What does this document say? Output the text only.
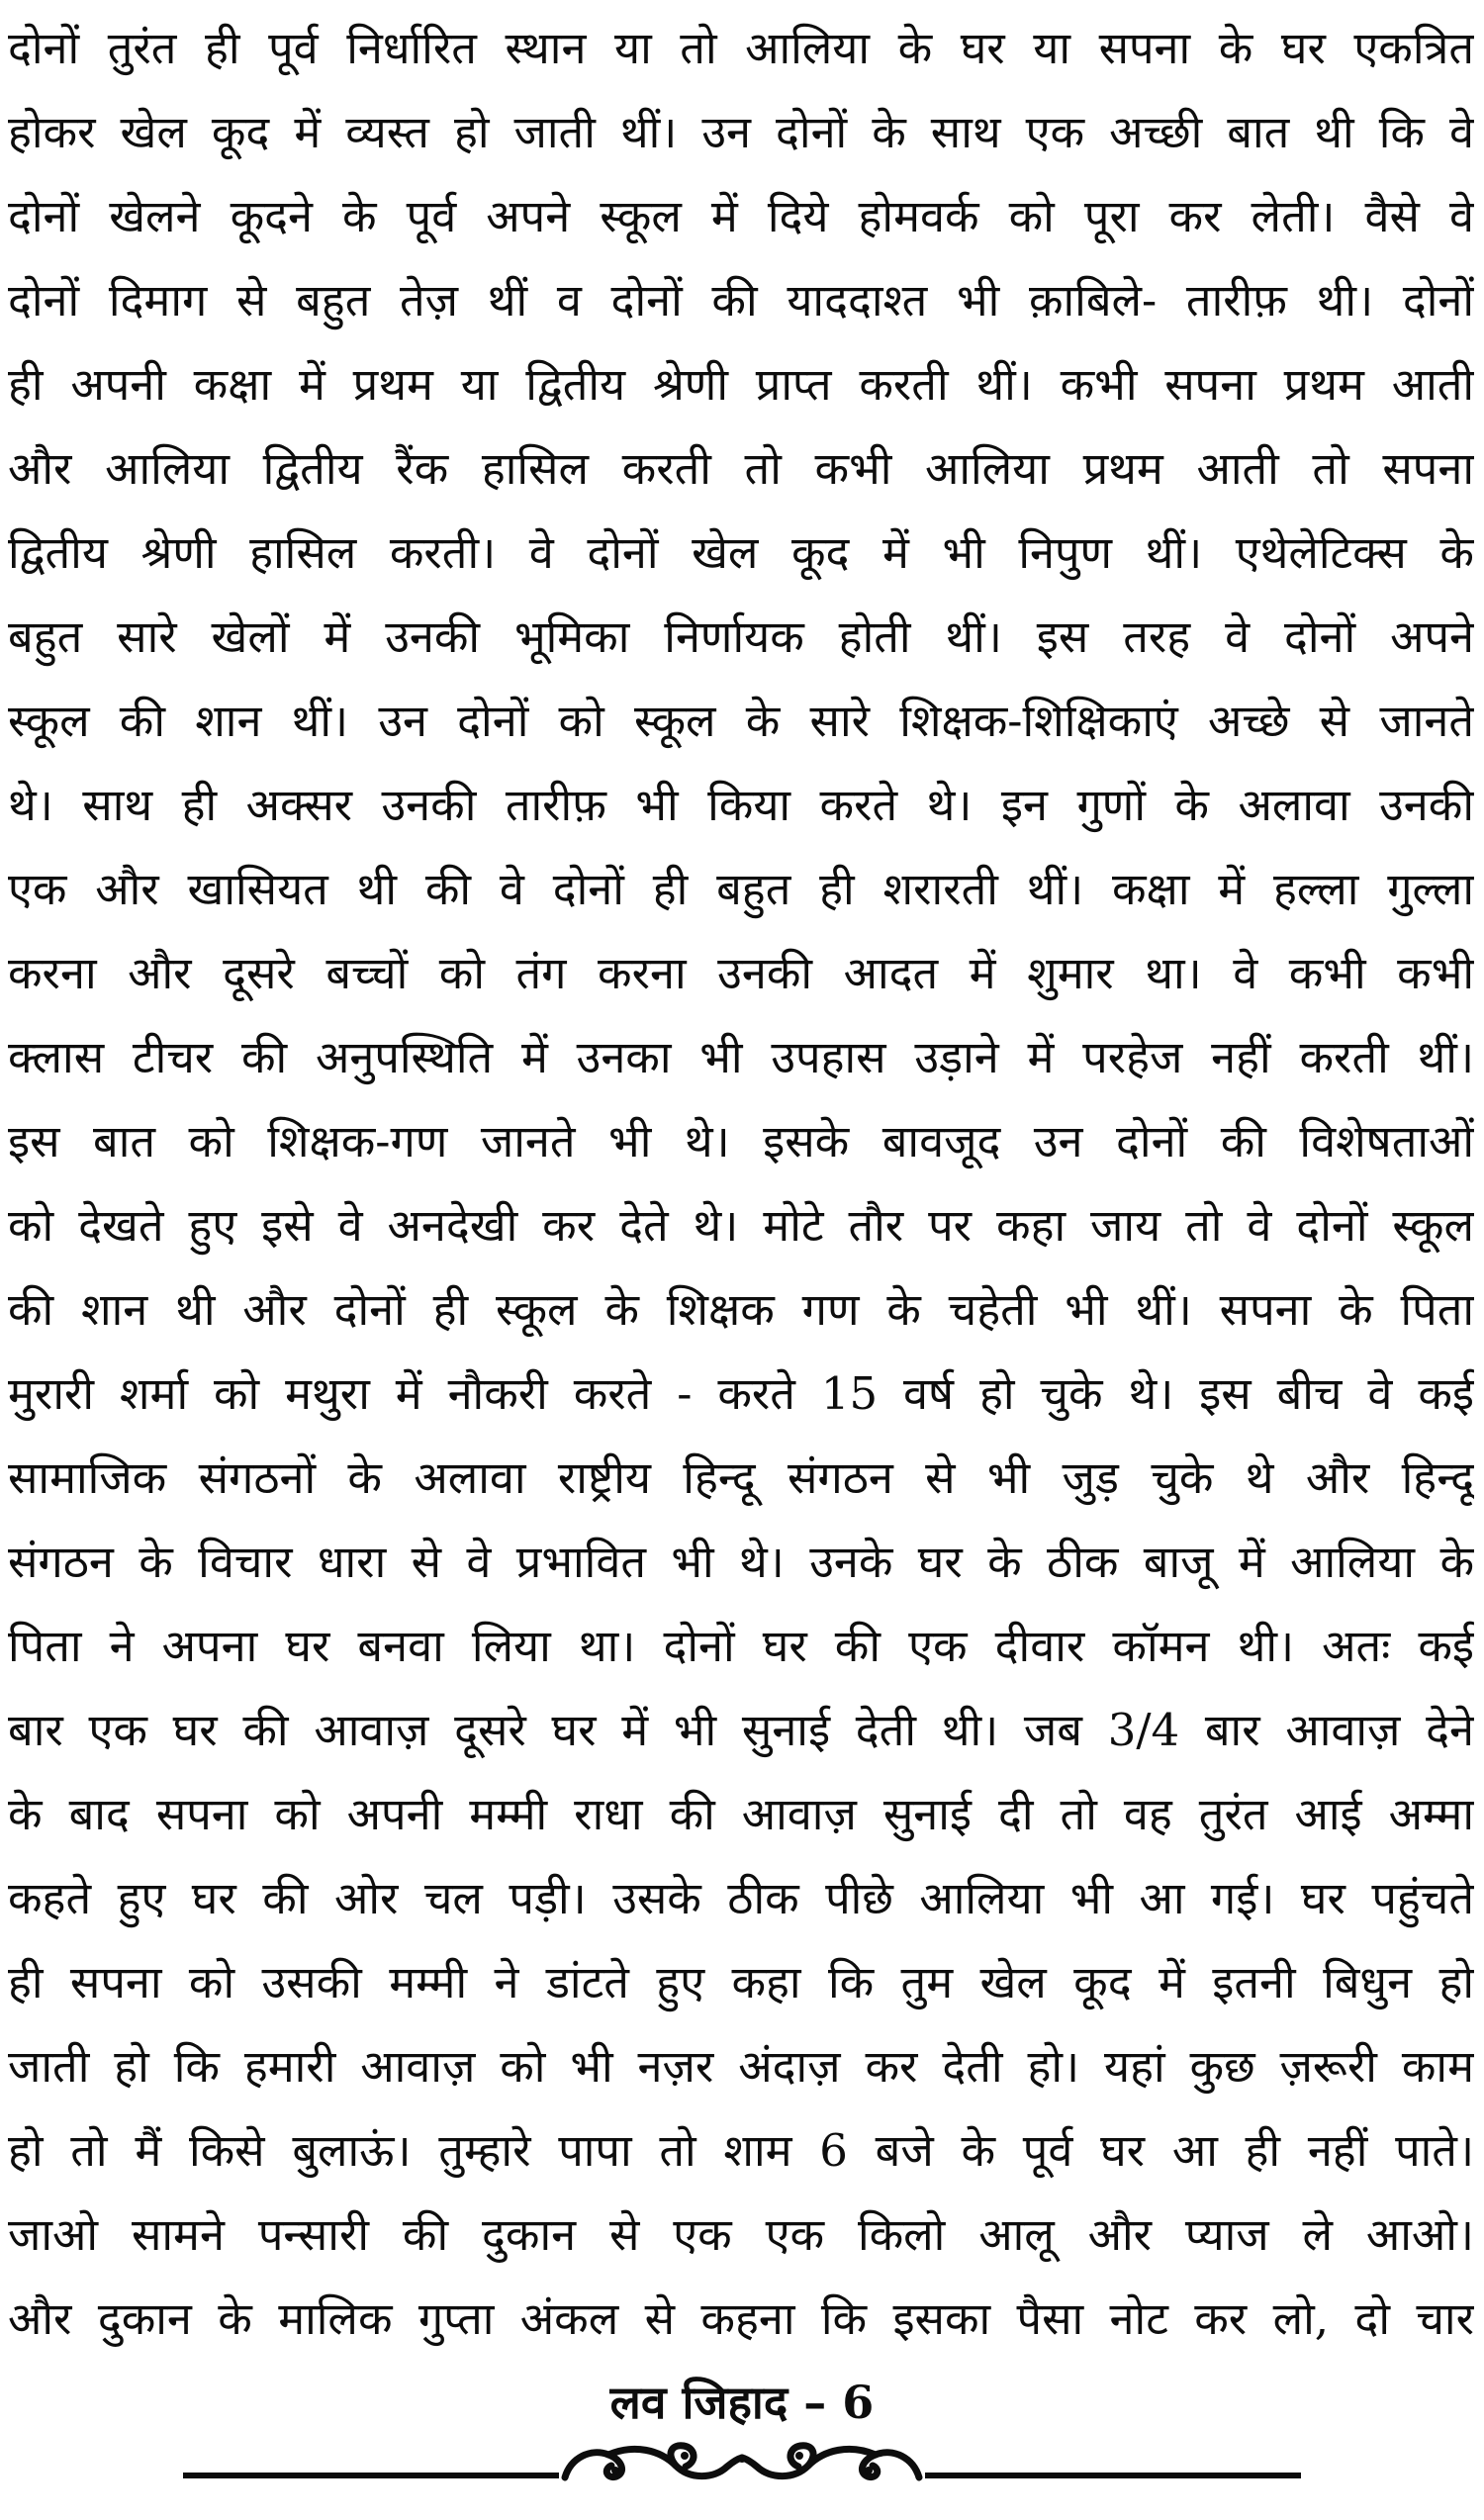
दोनों तुरंत ही पूर्व निर्धारित स्थान या तो आलिया के घर या सपना के घर एकत्रित
होकर खेल कूद में व्यस्त हो जाती थीं। उन दोनों के साथ एक अच्छी बात थी कि वे
दोनों खेलने कूदने के पूर्व अपने स्कूल में दिये होमवर्क को पूरा कर लेती। वैसे वे
दोनों दिमाग से बहुत तेज़ थीं व दोनों की याददाश्त भी क़ाबिले- तारीफ़ थी। दोनों
ही अपनी कक्षा में प्रथम या द्वितीय श्रेणी प्राप्त करती थीं। कभी सपना प्रथम आती
और आलिया द्वितीय रैंक हासिल करती तो कभी आलिया प्रथम आती तो सपना
द्वितीय श्रेणी हासिल करती। वे दोनों खेल कूद में भी निपुण थीं। एथेलेटिक्स के
बहुत सारे खेलों में उनकी भूमिका निर्णायक होती थीं। इस तरह वे दोनों अपने
स्कूल की शान थीं। उन दोनों को स्कूल के सारे शिक्षक-शिक्षिकाएं अच्छे से जानते
थे। साथ ही अक्सर उनकी तारीफ़ भी किया करते थे। इन गुणों के अलावा उनकी
एक और खासियत थी की वे दोनों ही बहुत ही शरारती थीं। कक्षा में हल्ला गुल्ला
करना और दूसरे बच्चों को तंग करना उनकी आदत में शुमार था। वे कभी कभी
क्लास टीचर की अनुपस्थिति में उनका भी उपहास उड़ाने में परहेज नहीं करती थीं।
इस बात को शिक्षक-गण जानते भी थे। इसके बावजूद उन दोनों की विशेषताओं
को देखते हुए इसे वे अनदेखी कर देते थे। मोटे तौर पर कहा जाय तो वे दोनों स्कूल
की शान थी और दोनों ही स्कूल के शिक्षक गण के चहेती भी थीं। सपना के पिता
मुरारी शर्मा को मथुरा में नौकरी करते - करते 15 वर्ष हो चुके थे। इस बीच वे कई
सामाजिक संगठनों के अलावा राष्ट्रीय हिन्दू संगठन से भी जुड़ चुके थे और हिन्दू
संगठन के विचार धारा से वे प्रभावित भी थे। उनके घर के ठीक बाजू में आलिया के
पिता ने अपना घर बनवा लिया था। दोनों घर की एक दीवार कॉमन थी। अतः कई
बार एक घर की आवाज़ दूसरे घर में भी सुनाई देती थी। जब 3/4 बार आवाज़ देने
के बाद सपना को अपनी मम्मी राधा की आवाज़ सुनाई दी तो वह तुरंत आई अम्मा
कहते हुए घर की ओर चल पड़ी। उसके ठीक पीछे आलिया भी आ गई। घर पहुंचते
ही सपना को उसकी मम्मी ने डांटते हुए कहा कि तुम खेल कूद में इतनी बिधुन हो
जाती हो कि हमारी आवाज़ को भी नज़र अंदाज़ कर देती हो। यहां कुछ ज़रूरी काम
हो तो मैं किसे बुलाऊं। तुम्हारे पापा तो शाम 6 बजे के पूर्व घर आ ही नहीं पाते।
जाओ सामने पन्सारी की दुकान से एक एक किलो आलू और प्याज ले आओ।
और दुकान के मालिक गुप्ता अंकल से कहना कि इसका पैसा नोट कर लो, दो चार
लव जिहाद – 6
